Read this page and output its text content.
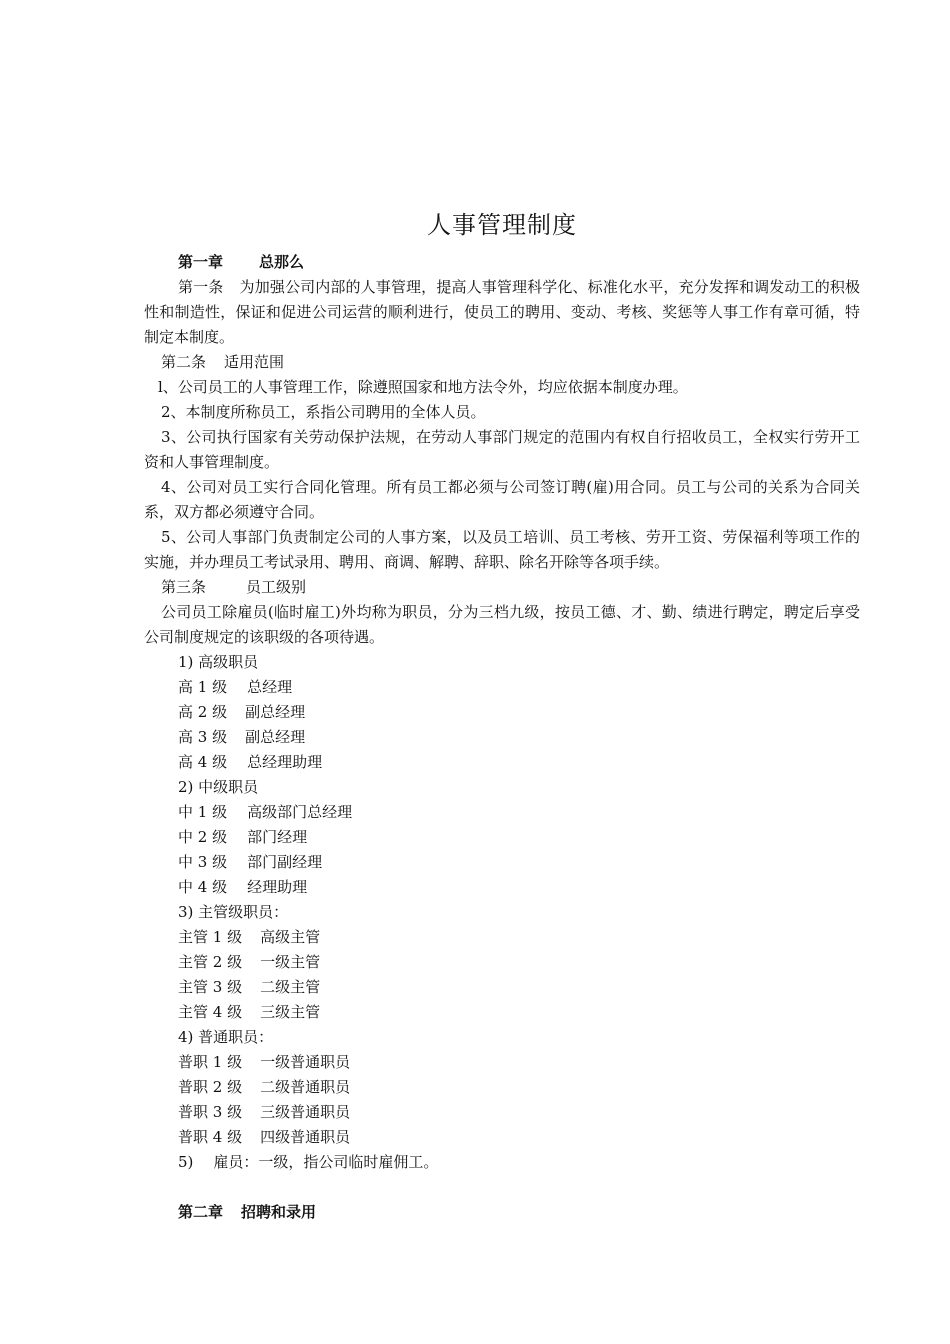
人事管理制度

第一章 总那么

第一条 为加强公司内部的人事管理，提高人事管理科学化、标准化水平，充分发挥和调发动工的积极性和制造性，保证和促进公司运营的顺利进行，使员工的聘用、变动、考核、奖惩等人事工作有章可循，特制定本制度。

第二条 适用范围

l、公司员工的人事管理工作，除遵照国家和地方法令外，均应依据本制度办理。

2、本制度所称员工，系指公司聘用的全体人员。

3、公司执行国家有关劳动保护法规，在劳动人事部门规定的范围内有权自行招收员工，全权实行劳开工资和人事管理制度。

4、公司对员工实行合同化管理。所有员工都必须与公司签订聘(雇)用合同。员工与公司的关系为合同关系，双方都必须遵守合同。

5、公司人事部门负责制定公司的人事方案，以及员工培训、员工考核、劳开工资、劳保福利等项工作的实施，并办理员工考试录用、聘用、商调、解聘、辞职、除名开除等各项手续。

第三条	员工级别

公司员工除雇员(临时雇工)外均称为职员，分为三档九级，按员工德、才、勤、绩进行聘定，聘定后享受公司制度规定的该职级的各项待遇。

1) 高级职员

高 1 级 总经理

高 2 级 副总经理

高 3 级 副总经理

高 4 级 总经理助理

2) 中级职员

中 1 级 高级部门总经理

中 2 级 部门经理

中 3 级 部门副经理

中 4 级 经理助理

3) 主管级职员：

主管 1 级 高级主管

主管 2 级 一级主管

主管 3 级 二级主管

主管 4 级 三级主管

4) 普通职员：

普职 1 级 一级普通职员

普职 2 级 二级普通职员

普职 3 级 三级普通职员

普职 4 级 四级普通职员

5) 雇员：一级，指公司临时雇佣工。

第二章 招聘和录用
